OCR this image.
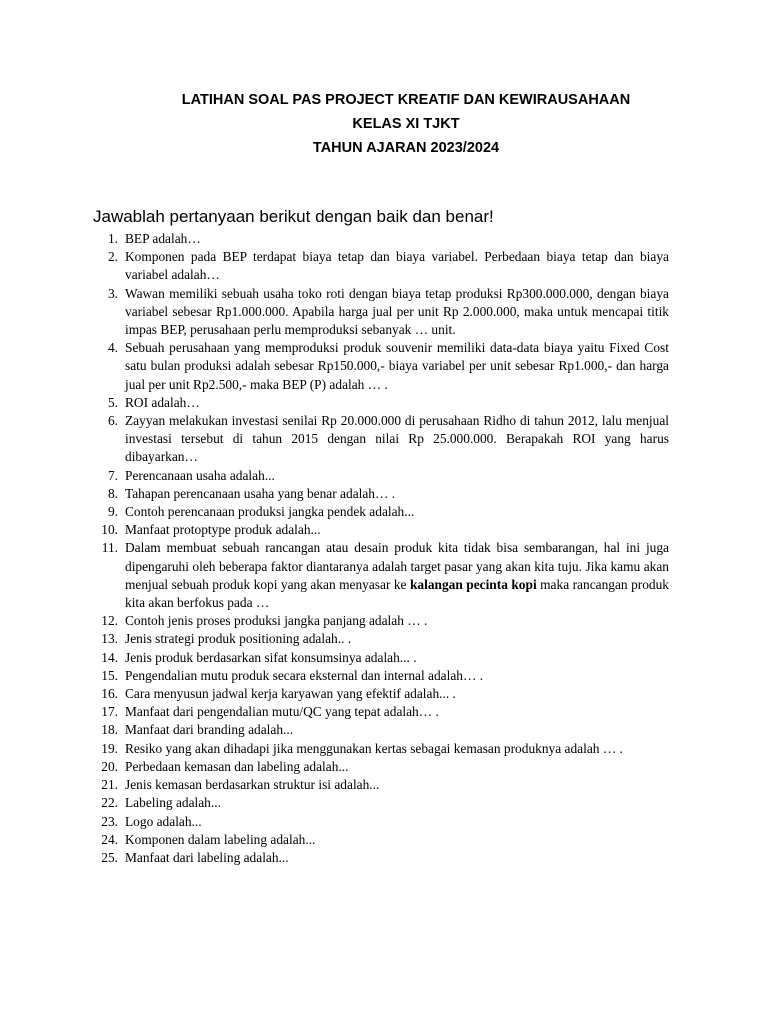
LATIHAN SOAL PAS PROJECT KREATIF DAN KEWIRAUSAHAAN
KELAS XI TJKT
TAHUN AJARAN 2023/2024
Jawablah pertanyaan berikut dengan baik dan benar!
1. BEP adalah…
2. Komponen pada BEP terdapat biaya tetap dan biaya variabel. Perbedaan biaya tetap dan biaya variabel adalah…
3. Wawan memiliki sebuah usaha toko roti dengan biaya tetap produksi Rp300.000.000, dengan biaya variabel sebesar Rp1.000.000. Apabila harga jual per unit Rp 2.000.000, maka untuk mencapai titik impas BEP, perusahaan perlu memproduksi sebanyak … unit.
4. Sebuah perusahaan yang memproduksi produk souvenir memiliki data-data biaya yaitu Fixed Cost satu bulan produksi adalah sebesar Rp150.000,- biaya variabel per unit sebesar Rp1.000,- dan harga jual per unit Rp2.500,- maka BEP (P) adalah … .
5. ROI adalah…
6. Zayyan melakukan investasi senilai Rp 20.000.000 di perusahaan Ridho di tahun 2012, lalu menjual investasi tersebut di tahun 2015 dengan nilai Rp 25.000.000. Berapakah ROI yang harus dibayarkan…
7. Perencanaan usaha adalah...
8. Tahapan perencanaan usaha yang benar adalah… .
9. Contoh perencanaan produksi jangka pendek adalah...
10. Manfaat protoptype produk adalah...
11. Dalam membuat sebuah rancangan atau desain produk kita tidak bisa sembarangan, hal ini juga dipengaruhi oleh beberapa faktor diantaranya adalah target pasar yang akan kita tuju. Jika kamu akan menjual sebuah produk kopi yang akan menyasar ke kalangan pecinta kopi maka rancangan produk kita akan berfokus pada …
12. Contoh jenis proses produksi jangka panjang adalah … .
13. Jenis strategi produk positioning adalah.. .
14. Jenis produk berdasarkan sifat konsumsinya adalah... .
15. Pengendalian mutu produk secara eksternal dan internal adalah… .
16. Cara menyusun jadwal kerja karyawan yang efektif adalah... .
17. Manfaat dari pengendalian mutu/QC yang tepat adalah… .
18. Manfaat dari branding adalah...
19. Resiko yang akan dihadapi jika menggunakan kertas sebagai kemasan produknya adalah … .
20. Perbedaan kemasan dan labeling adalah...
21. Jenis kemasan berdasarkan struktur isi adalah...
22. Labeling adalah...
23. Logo adalah...
24. Komponen dalam labeling adalah...
25. Manfaat dari labeling adalah...
